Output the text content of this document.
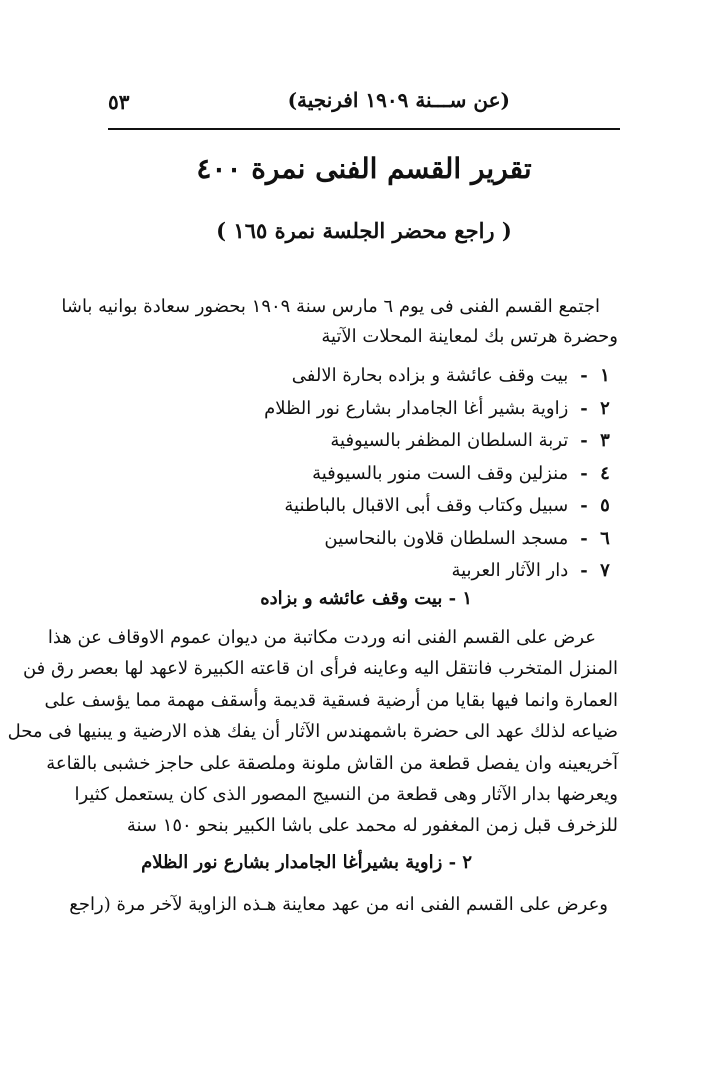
(عن ســـنة ١٩٠٩ افرنجية)
٥٣
تقرير القسم الفنى نمرة ٤٠٠
( راجع محضر الجلسة نمرة ١٦٥ )
اجتمع القسم الفنى فى يوم ٦ مارس سنة ١٩٠٩ بحضور سعادة بوانيه باشا
وحضرة هرتس بك لمعاينة المحلات الآتية
١- بيت وقف عائشة و بزاده بحارة الالفى
٢- زاوية بشير أغا الجامدار بشارع نور الظلام
٣- تربة السلطان المظفر بالسيوفية
٤- منزلين وقف الست منور بالسيوفية
٥- سبيل وكتاب وقف أبى الاقبال بالباطنية
٦- مسجد السلطان قلاون بالنحاسين
٧- دار الآثار العربية
١ - بيت وقف عائشه و بزاده
عرض على القسم الفنى انه وردت مكاتبة من ديوان عموم الاوقاف عن هذا
المنزل المتخرب فانتقل اليه وعاينه فرأى ان قاعته الكبيرة لاعهد لها بعصر رق فن
العمارة وانما فيها بقايا من أرضية فسقية قديمة وأسقف مهمة مما يؤسف على
ضياعه لذلك عهد الى حضرة باشمهندس الآثار أن يفك هذه الارضية و يبنيها فى محل
آخريعينه وان يفصل قطعة من القاش ملونة وملصقة على حاجز خشبى بالقاعة
ويعرضها بدار الآثار وهى قطعة من النسيج المصور الذى كان يستعمل كثيرا
للزخرف قبل زمن المغفور له محمد على باشا الكبير بنحو ١٥٠ سنة
٢ - زاوية بشيرأغا الجامدار بشارع نور الظلام
وعرض على القسم الفنى انه من عهد معاينة هـذه الزاوية لآخر مرة (راجع
